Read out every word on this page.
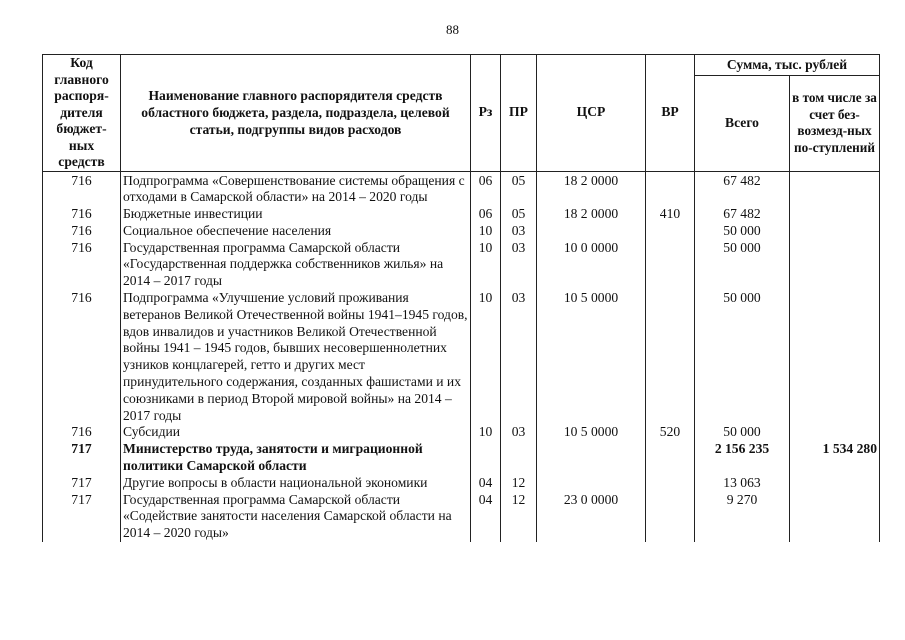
88
Код главного распоря-дителя бюджет-ных средств	Наименование главного распорядителя средств областного бюджета, раздела, подраздела, целевой статьи, подгруппы видов расходов	Рз	ПР	ЦСР	ВР	Сумма, тыс. рублей	
						Всего	в том числе за счет без-возмезд-ных по-ступлений
716	Подпрограмма «Совершенствование системы обращения с отходами в Самарской области» на 2014 – 2020 годы	06	05	18 2 0000		67 482	
716	Бюджетные инвестиции	06	05	18 2 0000	410	67 482	
716	Социальное обеспечение населения	10	03			50 000	
716	Государственная программа Самарской области «Государственная поддержка собственников жилья» на 2014 – 2017 годы	10	03	10 0 0000		50 000	
716	Подпрограмма «Улучшение условий проживания ветеранов Великой Отечественной войны 1941–1945 годов, вдов инвалидов и участников Великой Отечественной войны 1941 – 1945 годов, бывших несовершеннолетних узников концлагерей, гетто и других мест принудительного содержания, созданных фашистами и их союзниками в период Второй мировой войны» на 2014 – 2017 годы	10	03	10 5 0000		50 000	
716	Субсидии	10	03	10 5 0000	520	50 000	
717	Министерство труда, занятости и миграционной политики Самарской области					2 156 235	1 534 280
717	Другие вопросы в области национальной экономики	04	12			13 063	
717	Государственная программа Самарской области «Содействие занятости населения Самарской области на 2014 – 2020 годы»	04	12	23 0 0000		9 270	
